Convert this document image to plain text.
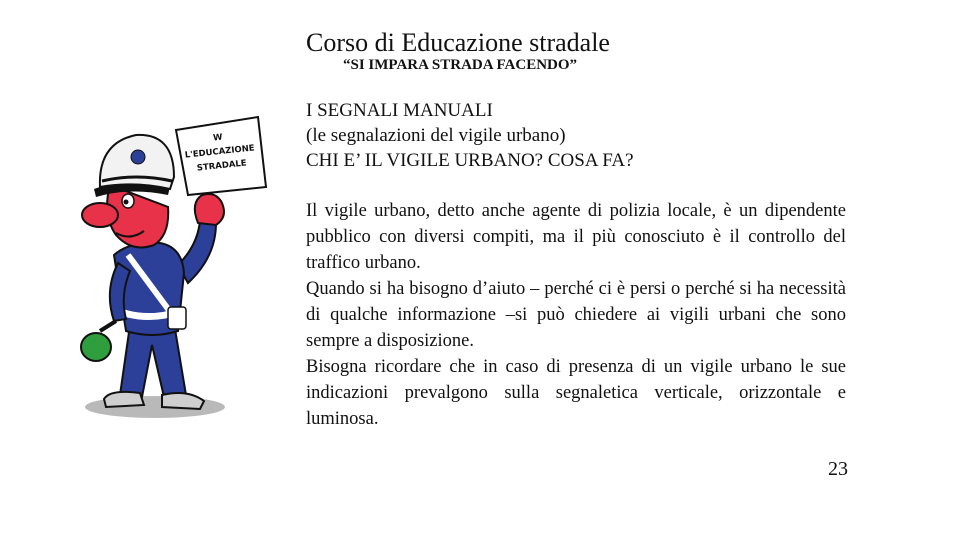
Corso di Educazione stradale
“SI IMPARA STRADA FACENDO”
I SEGNALI MANUALI
(le segnalazioni del vigile urbano)
CHI E’ IL VIGILE URBANO? COSA FA?

Il vigile urbano, detto anche agente di polizia locale, è un dipendente pubblico con diversi compiti, ma il più conosciuto è il controllo del traffico urbano.

Quando si ha bisogno d’aiuto – perché ci è persi o perché si ha necessità di qualche informazione –si può chiedere ai vigili urbani che sono sempre a disposizione.

Bisogna ricordare che in caso di presenza di un vigile urbano le sue indicazioni prevalgono sulla segnaletica verticale, orizzontale e luminosa.

23
W
L'EDUCAZIONE
STRADALE
